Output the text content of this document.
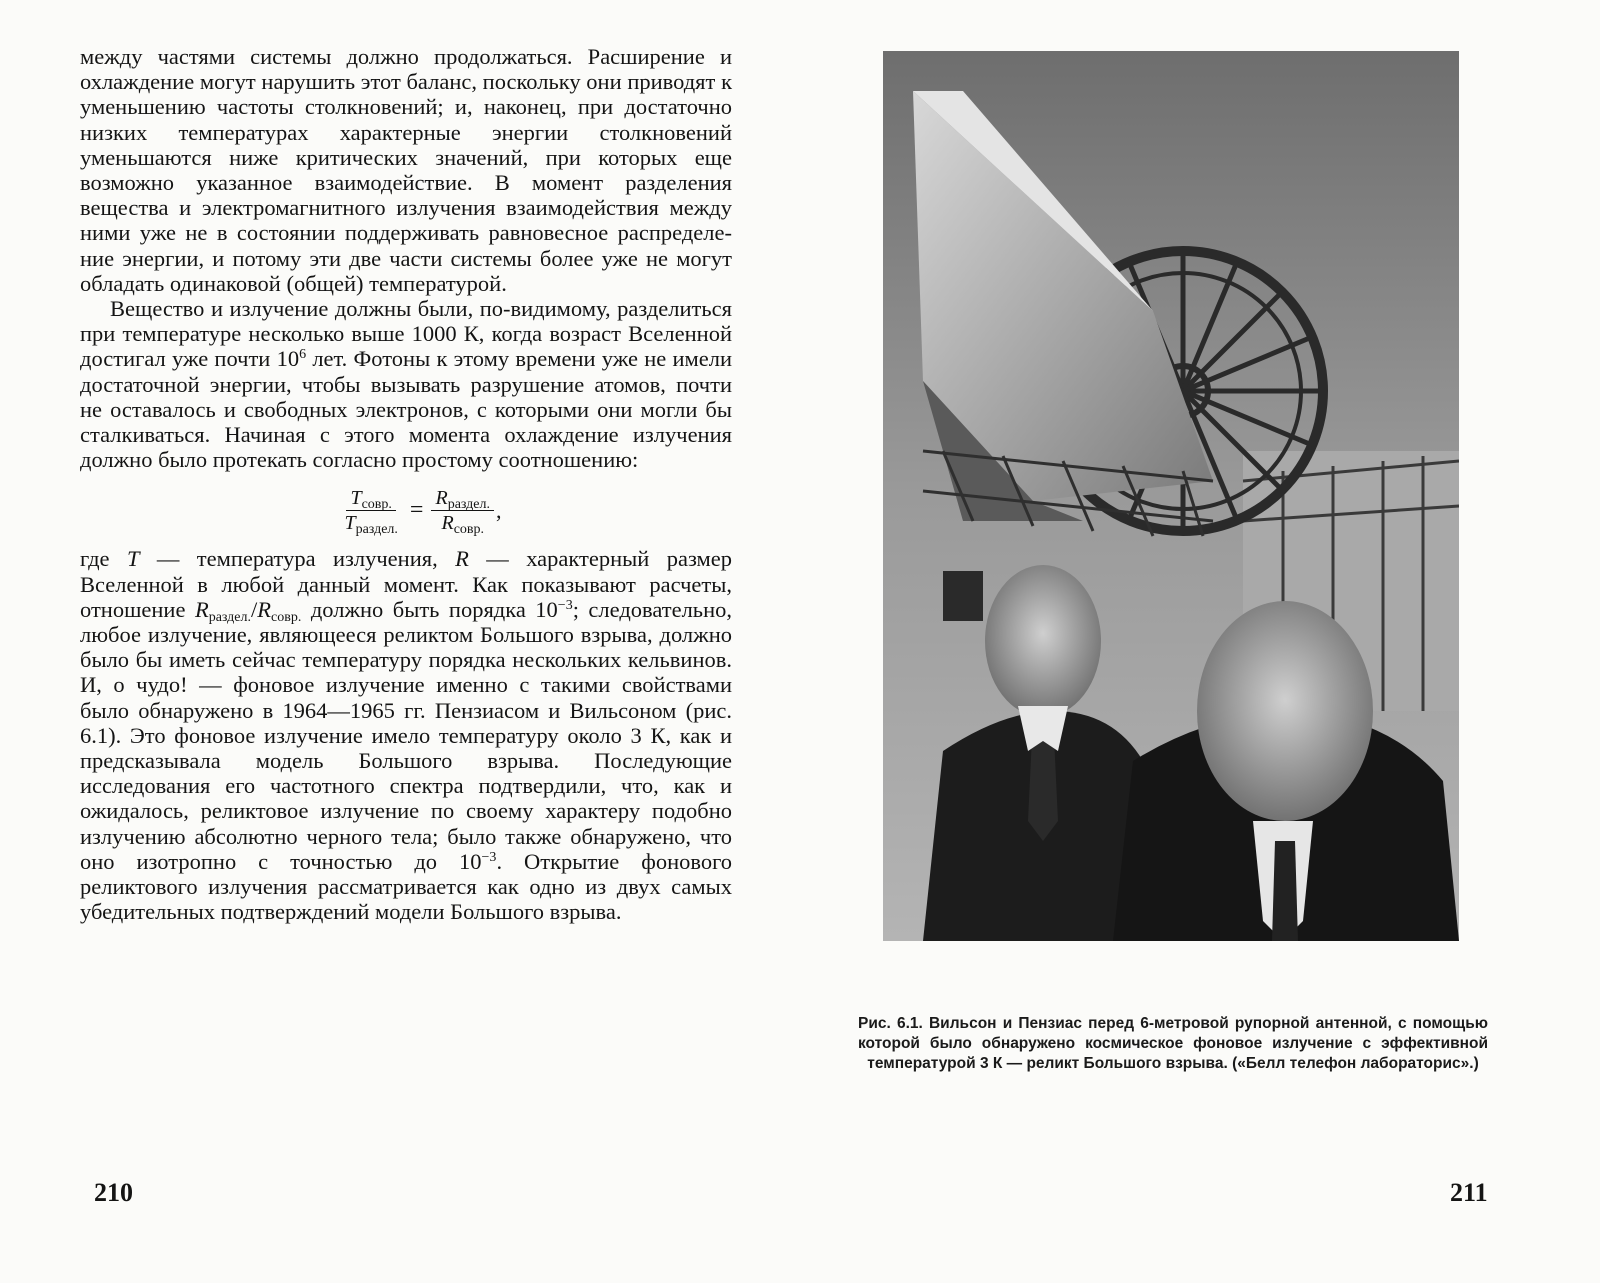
между частями системы должно продолжаться. Расширение и охлаждение могут нарушить этот баланс, поскольку они приводят к уменьшению частоты столкновений; и, наконец, при достаточно низких температурах характерные энергии столкновений уменьшаются ниже критических значений, при которых еще возможно указанное взаимодействие. В момент разделения вещества и электромагнитного излучения взаимодействия между ними уже не в состоянии поддерживать равновесное распределение энергии, и потому эти две части системы более уже не могут обладать одинаковой (общей) температурой.

Вещество и излучение должны были, по-видимому, разделиться при температуре несколько выше 1000 К, когда возраст Вселенной достигал уже почти $10^6$ лет. Фотоны к этому времени уже не имели достаточной энергии, чтобы вызывать разрушение атомов, почти не оставалось и свободных электронов, с которыми они могли бы сталкиваться. Начиная с этого момента охлаждение излучения должно было протекать согласно простому соотношению:

$\frac{T_{совр.}}{T_{раздел.}} = \frac{R_{раздел.}}{R_{совр.}}$ ,

где T — температура излучения, R — характерный размер Вселенной в любой данный момент. Как показывают расчеты, отношение $R_{раздел.}/R_{совр.}$ должно быть порядка $10^{-3}$; следовательно, любое излучение, являющееся реликтом Большого взрыва, должно было бы иметь сейчас температуру порядка нескольких кельвинов. И, о чудо! — фоновое излучение именно с такими свойствами было обнаружено в 1964—1965 гг. Пензиасом и Вильсоном (рис. 6.1). Это фоновое излучение имело температуру около 3 К, как и предсказывала модель Большого взрыва. Последующие исследования его частотного спектра подтвердили, что, как и ожидалось, реликтовое излучение по своему характеру подобно излучению абсолютно черного тела; было также обнаружено, что оно изотропно с точностью до $10^{-3}$. Открытие фонового реликтового излучения рассматривается как одно из двух самых убедительных подтверждений модели Большого взрыва.

210
Рис. 6.1. Вильсон и Пензиас перед 6-метровой рупорной антенной, с помощью которой было обнаружено космическое фоновое излучение с эффективной температурой 3 К — реликт Большого взрыва. («Белл телефон лабораторис».)
211
